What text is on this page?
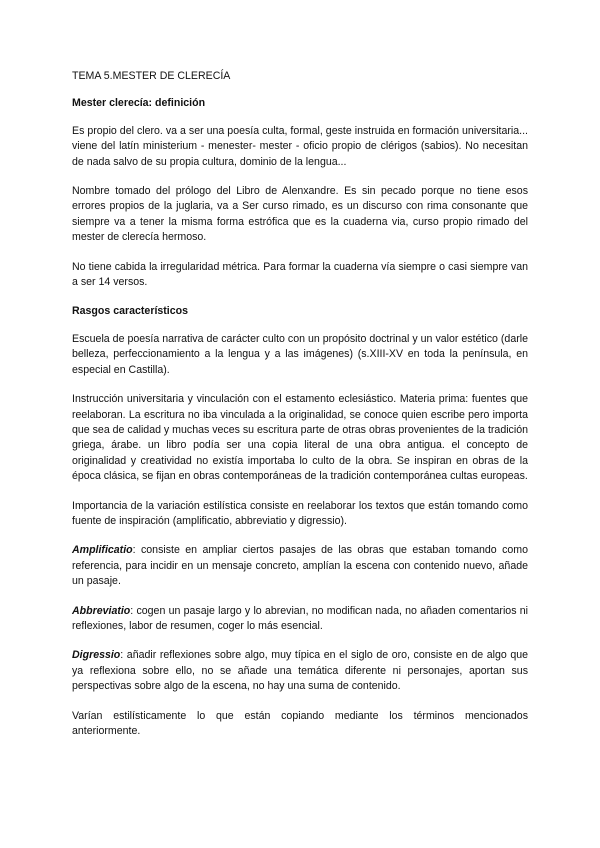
TEMA 5.MESTER DE CLERECÍA
Mester clerecía: definición

Es propio del clero. va a ser una poesía culta, formal, geste instruida en formación universitaria... viene del latín ministerium - menester- mester - oficio propio de clérigos (sabios). No necesitan de nada salvo de su propia cultura, dominio de la lengua...

Nombre tomado del prólogo del Libro de Alenxandre. Es sin pecado porque no tiene esos errores propios de la juglaria, va a Ser curso rimado, es un discurso con rima consonante que siempre va a tener la misma forma estrófica que es la cuaderna via, curso propio rimado del mester de clerecía hermoso.

No tiene cabida la irregularidad métrica. Para formar la cuaderna vía siempre o casi siempre van a ser 14 versos.

Rasgos característicos

Escuela de poesía narrativa de carácter culto con un propósito doctrinal y un valor estético (darle belleza, perfeccionamiento a la lengua y a las imágenes) (s.XIII-XV en toda la península, en especial en Castilla).

Instrucción universitaria y vinculación con el estamento eclesiástico. Materia prima: fuentes que reelaboran. La escritura no iba vinculada a la originalidad, se conoce quien escribe pero importa que sea de calidad y muchas veces su escritura parte de otras obras provenientes de la tradición griega, árabe. un libro podía ser una copia literal de una obra antigua. el concepto de originalidad y creatividad no existía importaba lo culto de la obra. Se inspiran en obras de la época clásica, se fijan en obras contemporáneas de la tradición contemporánea cultas europeas.

Importancia de la variación estilística consiste en reelaborar los textos que están tomando como fuente de inspiración (amplificatio, abbreviatio y digressio).

Amplificatio: consiste en ampliar ciertos pasajes de las obras que estaban tomando como referencia, para incidir en un mensaje concreto, amplían la escena con contenido nuevo, añade un pasaje.

Abbreviatio: cogen un pasaje largo y lo abrevian, no modifican nada, no añaden comentarios ni reflexiones, labor de resumen, coger lo más esencial.

Digressio: añadir reflexiones sobre algo, muy típica en el siglo de oro, consiste en de algo que ya reflexiona sobre ello, no se añade una temática diferente ni personajes, aportan sus perspectivas sobre algo de la escena, no hay una suma de contenido.

Varían estilísticamente lo que están copiando mediante los términos mencionados anteriormente.
